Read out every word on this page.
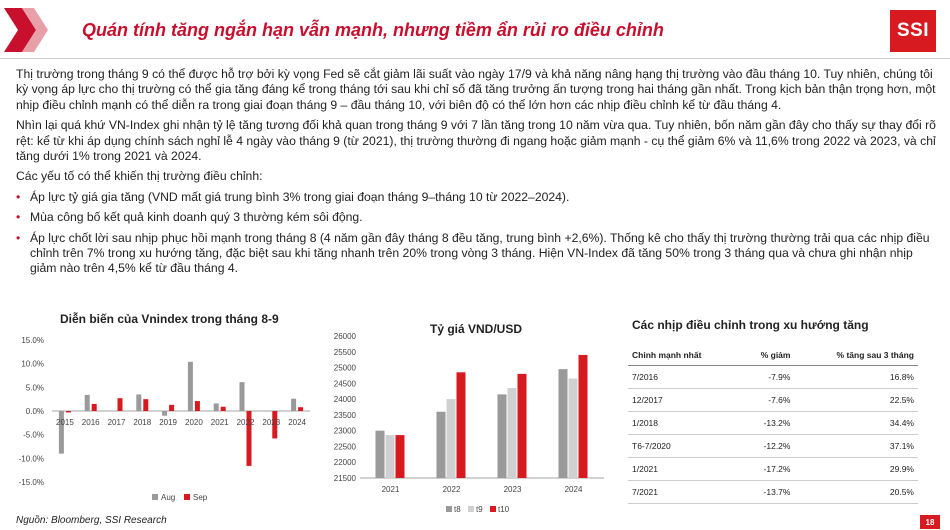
Quán tính tăng ngắn hạn vẫn mạnh, nhưng tiềm ẩn rủi ro điều chỉnh	SSI

Thị trường trong tháng 9 có thể được hỗ trợ bởi kỳ vọng Fed sẽ cắt giảm lãi suất vào ngày 17/9 và khả năng nâng hạng thị trường vào đầu tháng 10. Tuy nhiên, chúng tôi kỳ vọng áp lực cho thị trường có thể gia tăng đáng kể trong tháng tới sau khi chỉ số đã tăng trưởng ấn tượng trong hai tháng gần nhất. Trong kịch bản thận trọng hơn, một nhịp điều chỉnh mạnh có thể diễn ra trong giai đoạn tháng 9 – đầu tháng 10, với biên độ có thể lớn hơn các nhịp điều chỉnh kể từ đầu tháng 4.

Nhìn lại quá khứ VN-Index ghi nhận tỷ lệ tăng tương đối khả quan trong tháng 9 với 7 lần tăng trong 10 năm vừa qua. Tuy nhiên, bốn năm gần đây cho thấy sự thay đổi rõ rệt: kể từ khi áp dụng chính sách nghỉ lễ 4 ngày vào tháng 9 (từ 2021), thị trường thường đi ngang hoặc giảm mạnh - cụ thể giảm 6% và 11,6% trong 2022 và 2023, và chỉ tăng dưới 1% trong 2021 và 2024.

Các yếu tố có thể khiến thị trường điều chỉnh:

• Áp lực tỷ giá gia tăng (VND mất giá trung bình 3% trong giai đoạn tháng 9–tháng 10 từ 2022–2024).
• Mùa công bố kết quả kinh doanh quý 3 thường kém sôi động.
• Áp lực chốt lời sau nhịp phục hồi mạnh trong tháng 8 (4 năm gần đây tháng 8 đều tăng, trung bình +2,6%). Thống kê cho thấy thị trường thường trải qua các nhịp điều chỉnh trên 7% trong xu hướng tăng, đặc biệt sau khi tăng nhanh trên 20% trong vòng 3 tháng. Hiện VN-Index đã tăng 50% trong 3 tháng qua và chưa ghi nhận nhịp giảm nào trên 4,5% kể từ đầu tháng 4.
Diễn biến của Vnindex trong tháng 8-9
15.0%
10.0%
5.0%
0.0%
-5.0%
-10.0%
-15.0%
2015 2016 2017 2018 2019 2020 2021 2022 2023 2024
Aug Sep
Tỷ giá VND/USD
26000
25500
25000
24500
24000
23500
23000
22500
22000
21500
2021	2022	2023	2024
t8 t9 t10
Các nhịp điều chỉnh trong xu hướng tăng
Chỉnh mạnh nhất	% giảm	% tăng sau 3 tháng
7/2016	-7.9%	16.8%
12/2017	-7.6%	22.5%
1/2018	-13.2%	34.4%
T6-7/2020	-12.2%	37.1%
1/2021	-17.2%	29.9%
7/2021	-13.7%	20.5%
Nguồn: Bloomberg, SSI Research	18
